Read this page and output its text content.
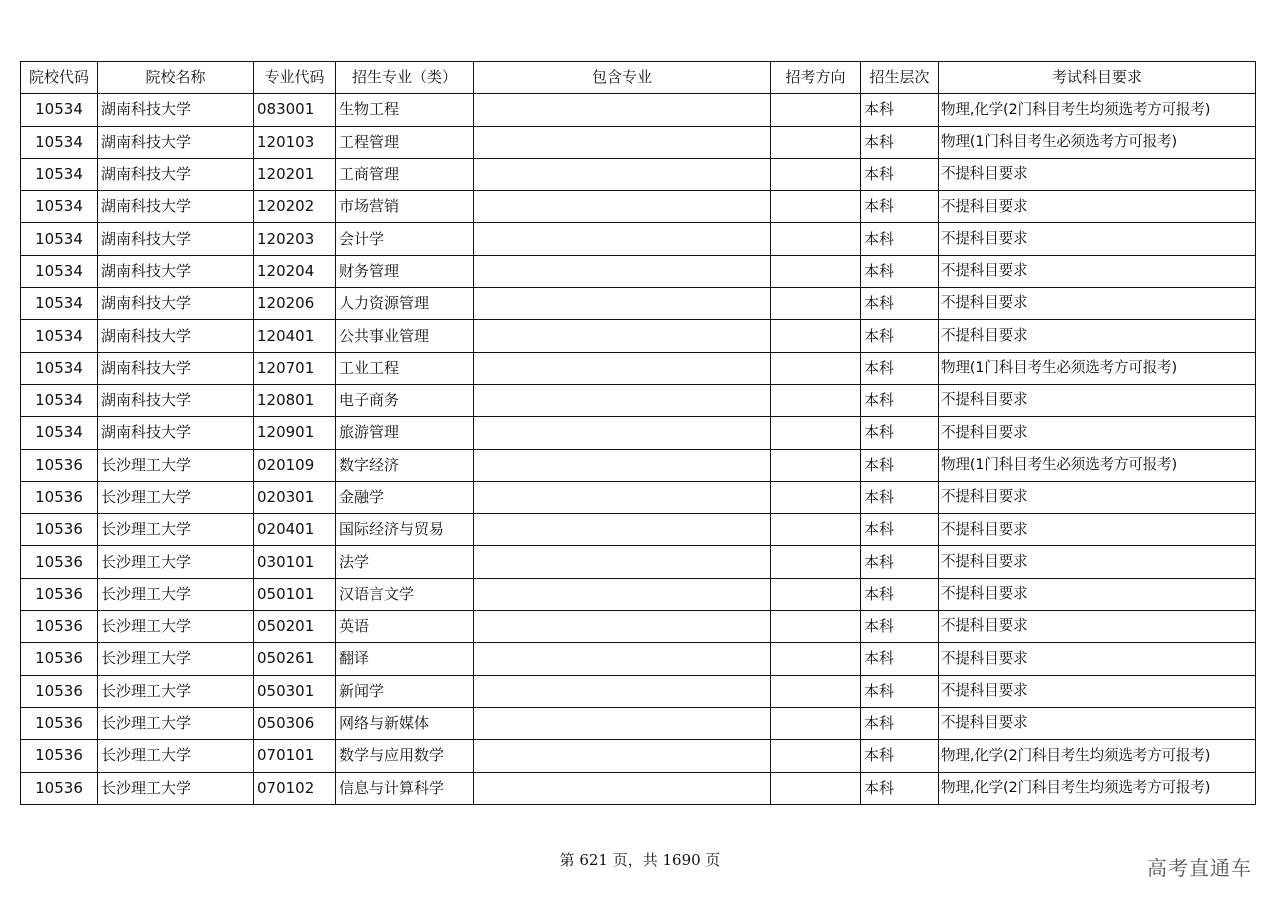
院校代码	院校名称	专业代码	招生专业（类）	包含专业	招考方向	招生层次	考试科目要求
10534	湖南科技大学	083001	生物工程			本科	物理,化学(2门科目考生均须选考方可报考)
10534	湖南科技大学	120103	工程管理			本科	物理(1门科目考生必须选考方可报考)
10534	湖南科技大学	120201	工商管理			本科	不提科目要求
10534	湖南科技大学	120202	市场营销			本科	不提科目要求
10534	湖南科技大学	120203	会计学			本科	不提科目要求
10534	湖南科技大学	120204	财务管理			本科	不提科目要求
10534	湖南科技大学	120206	人力资源管理			本科	不提科目要求
10534	湖南科技大学	120401	公共事业管理			本科	不提科目要求
10534	湖南科技大学	120701	工业工程			本科	物理(1门科目考生必须选考方可报考)
10534	湖南科技大学	120801	电子商务			本科	不提科目要求
10534	湖南科技大学	120901	旅游管理			本科	不提科目要求
10536	长沙理工大学	020109	数字经济			本科	物理(1门科目考生必须选考方可报考)
10536	长沙理工大学	020301	金融学			本科	不提科目要求
10536	长沙理工大学	020401	国际经济与贸易			本科	不提科目要求
10536	长沙理工大学	030101	法学			本科	不提科目要求
10536	长沙理工大学	050101	汉语言文学			本科	不提科目要求
10536	长沙理工大学	050201	英语			本科	不提科目要求
10536	长沙理工大学	050261	翻译			本科	不提科目要求
10536	长沙理工大学	050301	新闻学			本科	不提科目要求
10536	长沙理工大学	050306	网络与新媒体			本科	不提科目要求
10536	长沙理工大学	070101	数学与应用数学			本科	物理,化学(2门科目考生均须选考方可报考)
10536	长沙理工大学	070102	信息与计算科学			本科	物理,化学(2门科目考生均须选考方可报考)
第 621 页，共 1690 页	高考直通车
